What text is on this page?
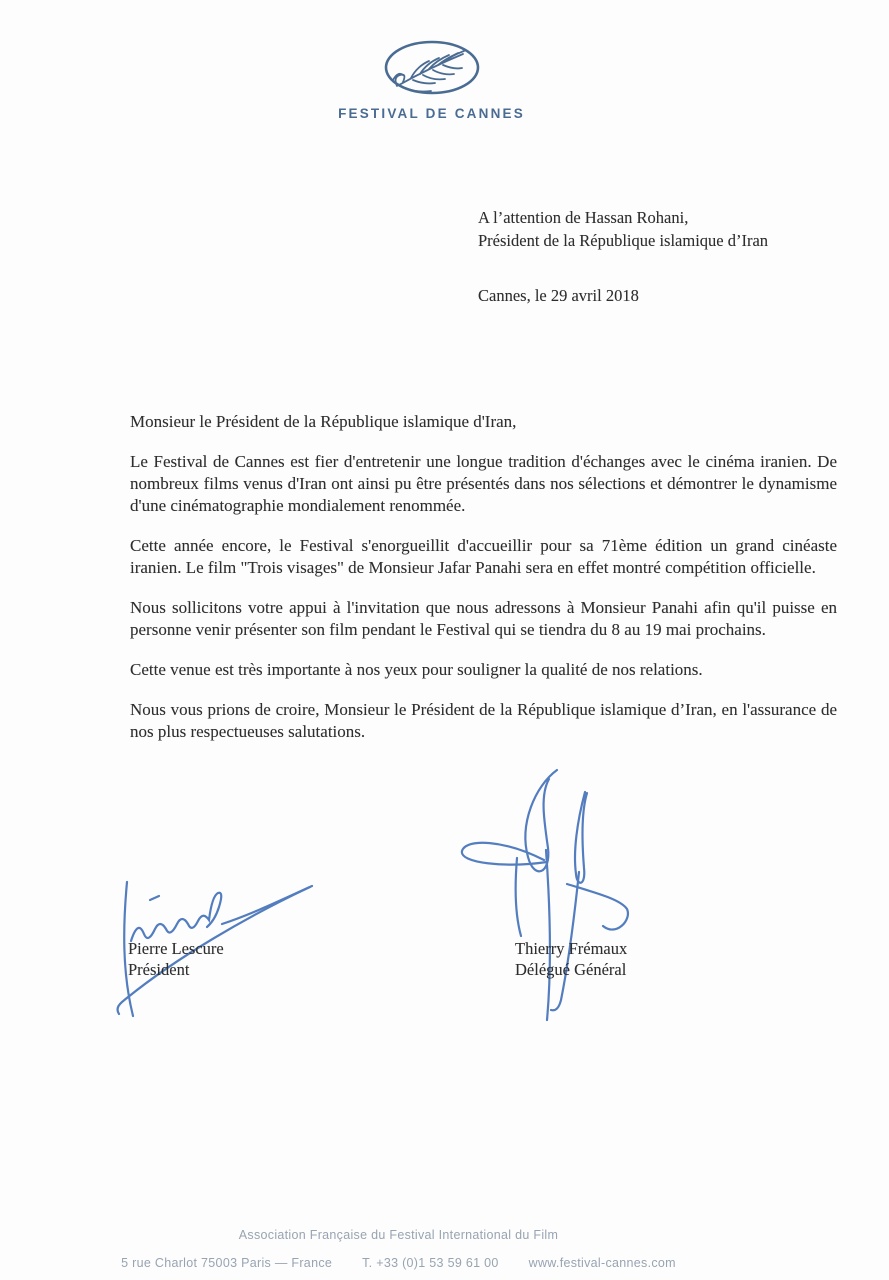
FESTIVAL DE CANNES
A l’attention de Hassan Rohani,
Président de la République islamique d’Iran
Cannes, le 29 avril 2018

Monsieur le Président de la République islamique d'Iran,

Le Festival de Cannes est fier d'entretenir une longue tradition d'échanges avec le cinéma iranien. De nombreux films venus d'Iran ont ainsi pu être présentés dans nos sélections et démontrer le dynamisme d'une cinématographie mondialement renommée.

Cette année encore, le Festival s'enorgueillit d'accueillir pour sa 71ème édition un grand cinéaste iranien. Le film "Trois visages" de Monsieur Jafar Panahi sera en effet montré compétition officielle.

Nous sollicitons votre appui à l'invitation que nous adressons à Monsieur Panahi afin qu'il puisse en personne venir présenter son film pendant le Festival qui se tiendra du 8 au 19 mai prochains.

Cette venue est très importante à nos yeux pour souligner la qualité de nos relations.

Nous vous prions de croire, Monsieur le Président de la République islamique d’Iran, en l'assurance de nos plus respectueuses salutations.

Pierre Lescure
Président
Thierry Frémaux
Délégué Général
Association Française du Festival International du Film
5 rue Charlot 75003 Paris — France T. +33 (0)1 53 59 61 00 www.festival-cannes.com
